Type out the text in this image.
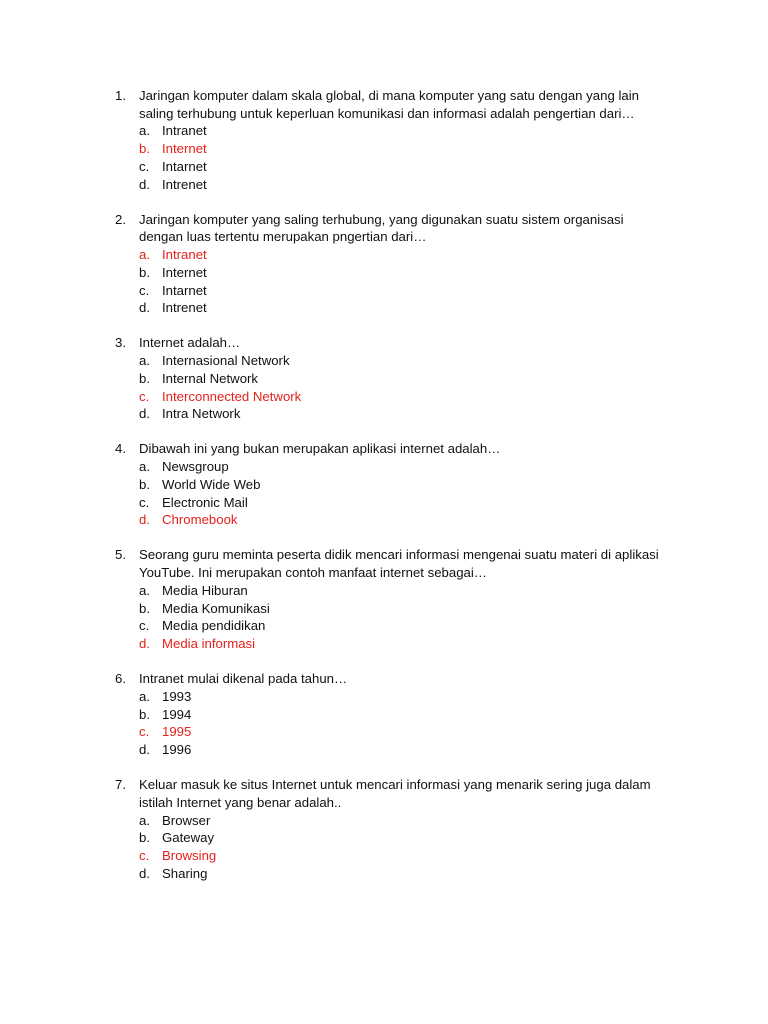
1. Jaringan komputer dalam skala global, di mana komputer yang satu dengan yang lain saling terhubung untuk keperluan komunikasi dan informasi adalah pengertian dari…
a. Intranet
b. Internet
c. Intarnet
d. Intrenet
2. Jaringan komputer yang saling terhubung, yang digunakan suatu sistem organisasi dengan luas tertentu merupakan pngertian dari…
a. Intranet
b. Internet
c. Intarnet
d. Intrenet
3. Internet adalah…
a. Internasional Network
b. Internal Network
c. Interconnected Network
d. Intra Network
4. Dibawah ini yang bukan merupakan aplikasi internet adalah…
a. Newsgroup
b. World Wide Web
c. Electronic Mail
d. Chromebook
5. Seorang guru meminta peserta didik mencari informasi mengenai suatu materi di aplikasi YouTube. Ini merupakan contoh manfaat internet sebagai…
a. Media Hiburan
b. Media Komunikasi
c. Media pendidikan
d. Media informasi
6. Intranet mulai dikenal pada tahun…
a. 1993
b. 1994
c. 1995
d. 1996
7. Keluar masuk ke situs Internet untuk mencari informasi yang menarik sering juga dalam istilah Internet yang benar adalah..
a. Browser
b. Gateway
c. Browsing
d. Sharing
